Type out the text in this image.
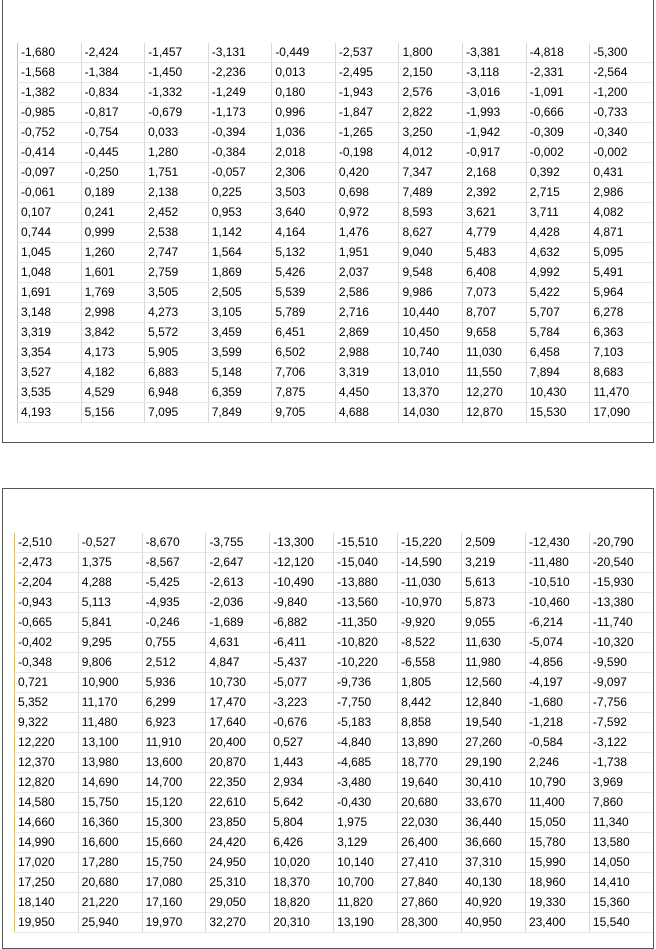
-1,680	-2,424	-1,457	-3,131	-0,449	-2,537	1,800	-3,381	-4,818	-5,300
-1,568	-1,384	-1,450	-2,236	0,013	-2,495	2,150	-3,118	-2,331	-2,564
-1,382	-0,834	-1,332	-1,249	0,180	-1,943	2,576	-3,016	-1,091	-1,200
-0,985	-0,817	-0,679	-1,173	0,996	-1,847	2,822	-1,993	-0,666	-0,733
-0,752	-0,754	0,033	-0,394	1,036	-1,265	3,250	-1,942	-0,309	-0,340
-0,414	-0,445	1,280	-0,384	2,018	-0,198	4,012	-0,917	-0,002	-0,002
-0,097	-0,250	1,751	-0,057	2,306	0,420	7,347	2,168	0,392	0,431
-0,061	0,189	2,138	0,225	3,503	0,698	7,489	2,392	2,715	2,986
0,107	0,241	2,452	0,953	3,640	0,972	8,593	3,621	3,711	4,082
0,744	0,999	2,538	1,142	4,164	1,476	8,627	4,779	4,428	4,871
1,045	1,260	2,747	1,564	5,132	1,951	9,040	5,483	4,632	5,095
1,048	1,601	2,759	1,869	5,426	2,037	9,548	6,408	4,992	5,491
1,691	1,769	3,505	2,505	5,539	2,586	9,986	7,073	5,422	5,964
3,148	2,998	4,273	3,105	5,789	2,716	10,440	8,707	5,707	6,278
3,319	3,842	5,572	3,459	6,451	2,869	10,450	9,658	5,784	6,363
3,354	4,173	5,905	3,599	6,502	2,988	10,740	11,030	6,458	7,103
3,527	4,182	6,883	5,148	7,706	3,319	13,010	11,550	7,894	8,683
3,535	4,529	6,948	6,359	7,875	4,450	13,370	12,270	10,430	11,470
4,193	5,156	7,095	7,849	9,705	4,688	14,030	12,870	15,530	17,090
-2,510	-0,527	-8,670	-3,755	-13,300	-15,510	-15,220	2,509	-12,430	-20,790
-2,473	1,375	-8,567	-2,647	-12,120	-15,040	-14,590	3,219	-11,480	-20,540
-2,204	4,288	-5,425	-2,613	-10,490	-13,880	-11,030	5,613	-10,510	-15,930
-0,943	5,113	-4,935	-2,036	-9,840	-13,560	-10,970	5,873	-10,460	-13,380
-0,665	5,841	-0,246	-1,689	-6,882	-11,350	-9,920	9,055	-6,214	-11,740
-0,402	9,295	0,755	4,631	-6,411	-10,820	-8,522	11,630	-5,074	-10,320
-0,348	9,806	2,512	4,847	-5,437	-10,220	-6,558	11,980	-4,856	-9,590
0,721	10,900	5,936	10,730	-5,077	-9,736	1,805	12,560	-4,197	-9,097
5,352	11,170	6,299	17,470	-3,223	-7,750	8,442	12,840	-1,680	-7,756
9,322	11,480	6,923	17,640	-0,676	-5,183	8,858	19,540	-1,218	-7,592
12,220	13,100	11,910	20,400	0,527	-4,840	13,890	27,260	-0,584	-3,122
12,370	13,980	13,600	20,870	1,443	-4,685	18,770	29,190	2,246	-1,738
12,820	14,690	14,700	22,350	2,934	-3,480	19,640	30,410	10,790	3,969
14,580	15,750	15,120	22,610	5,642	-0,430	20,680	33,670	11,400	7,860
14,660	16,360	15,300	23,850	5,804	1,975	22,030	36,440	15,050	11,340
14,990	16,600	15,660	24,420	6,426	3,129	26,400	36,660	15,780	13,580
17,020	17,280	15,750	24,950	10,020	10,140	27,410	37,310	15,990	14,050
17,250	20,680	17,080	25,310	18,370	10,700	27,840	40,130	18,960	14,410
18,140	21,220	17,160	29,050	18,820	11,820	27,860	40,920	19,330	15,360
19,950	25,940	19,970	32,270	20,310	13,190	28,300	40,950	23,400	15,540
